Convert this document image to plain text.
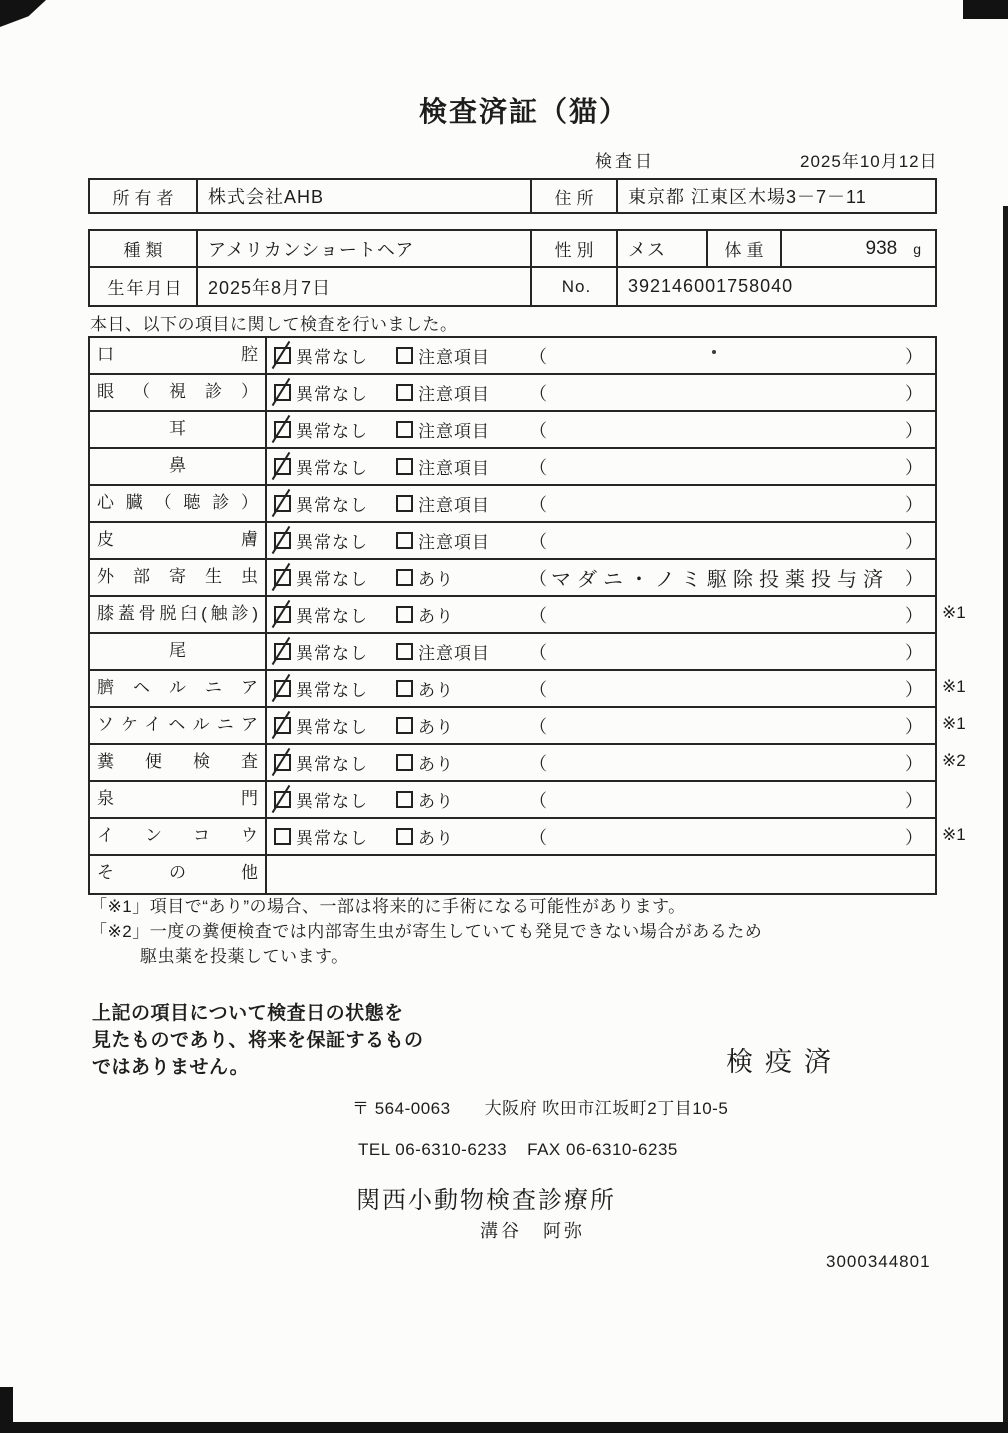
検査済証（猫）
検査日	2025年10月12日
所有者	株式会社AHB	住所	東京都 江東区木場3－7－11
種類	アメリカンショートヘア	性別	メス	体重	938 g
生年月日	2025年8月7日	No.	392146001758040
本日、以下の項目に関して検査を行いました。
口腔	異常なし	注意項目 （	）
眼（視診）	異常なし	注意項目 （	）
耳	異常なし	注意項目 （	）
鼻	異常なし	注意項目 （	）
心臓（聴診）	異常なし	注意項目 （	）
皮膚	異常なし	注意項目 （	）
外部寄生虫	異常なし	あり	（ マダニ・ノミ駆除投薬投与済 ）
膝蓋骨脱臼(触診)	異常なし	あり	（	） ※1
尾	異常なし	注意項目 （	）
臍ヘルニア	異常なし	あり	（	） ※1
ソケイヘルニア	異常なし	あり	（	） ※1
糞便検査	異常なし	あり	（	） ※2
泉門	異常なし	あり	（	）
インコウ	異常なし	あり	（	） ※1
その他
「※1」項目で“あり”の場合、一部は将来的に手術になる可能性があります。
「※2」一度の糞便検査では内部寄生虫が寄生していても発見できない場合があるため
駆虫薬を投薬しています。
上記の項目について検査日の状態を
見たものであり、将来を保証するもの
ではありません。	検疫済
〒 564-0063 大阪府 吹田市江坂町2丁目10-5
TEL 06-6310-6233 FAX 06-6310-6235
関西小動物検査診療所
溝谷　阿弥
3000344801
